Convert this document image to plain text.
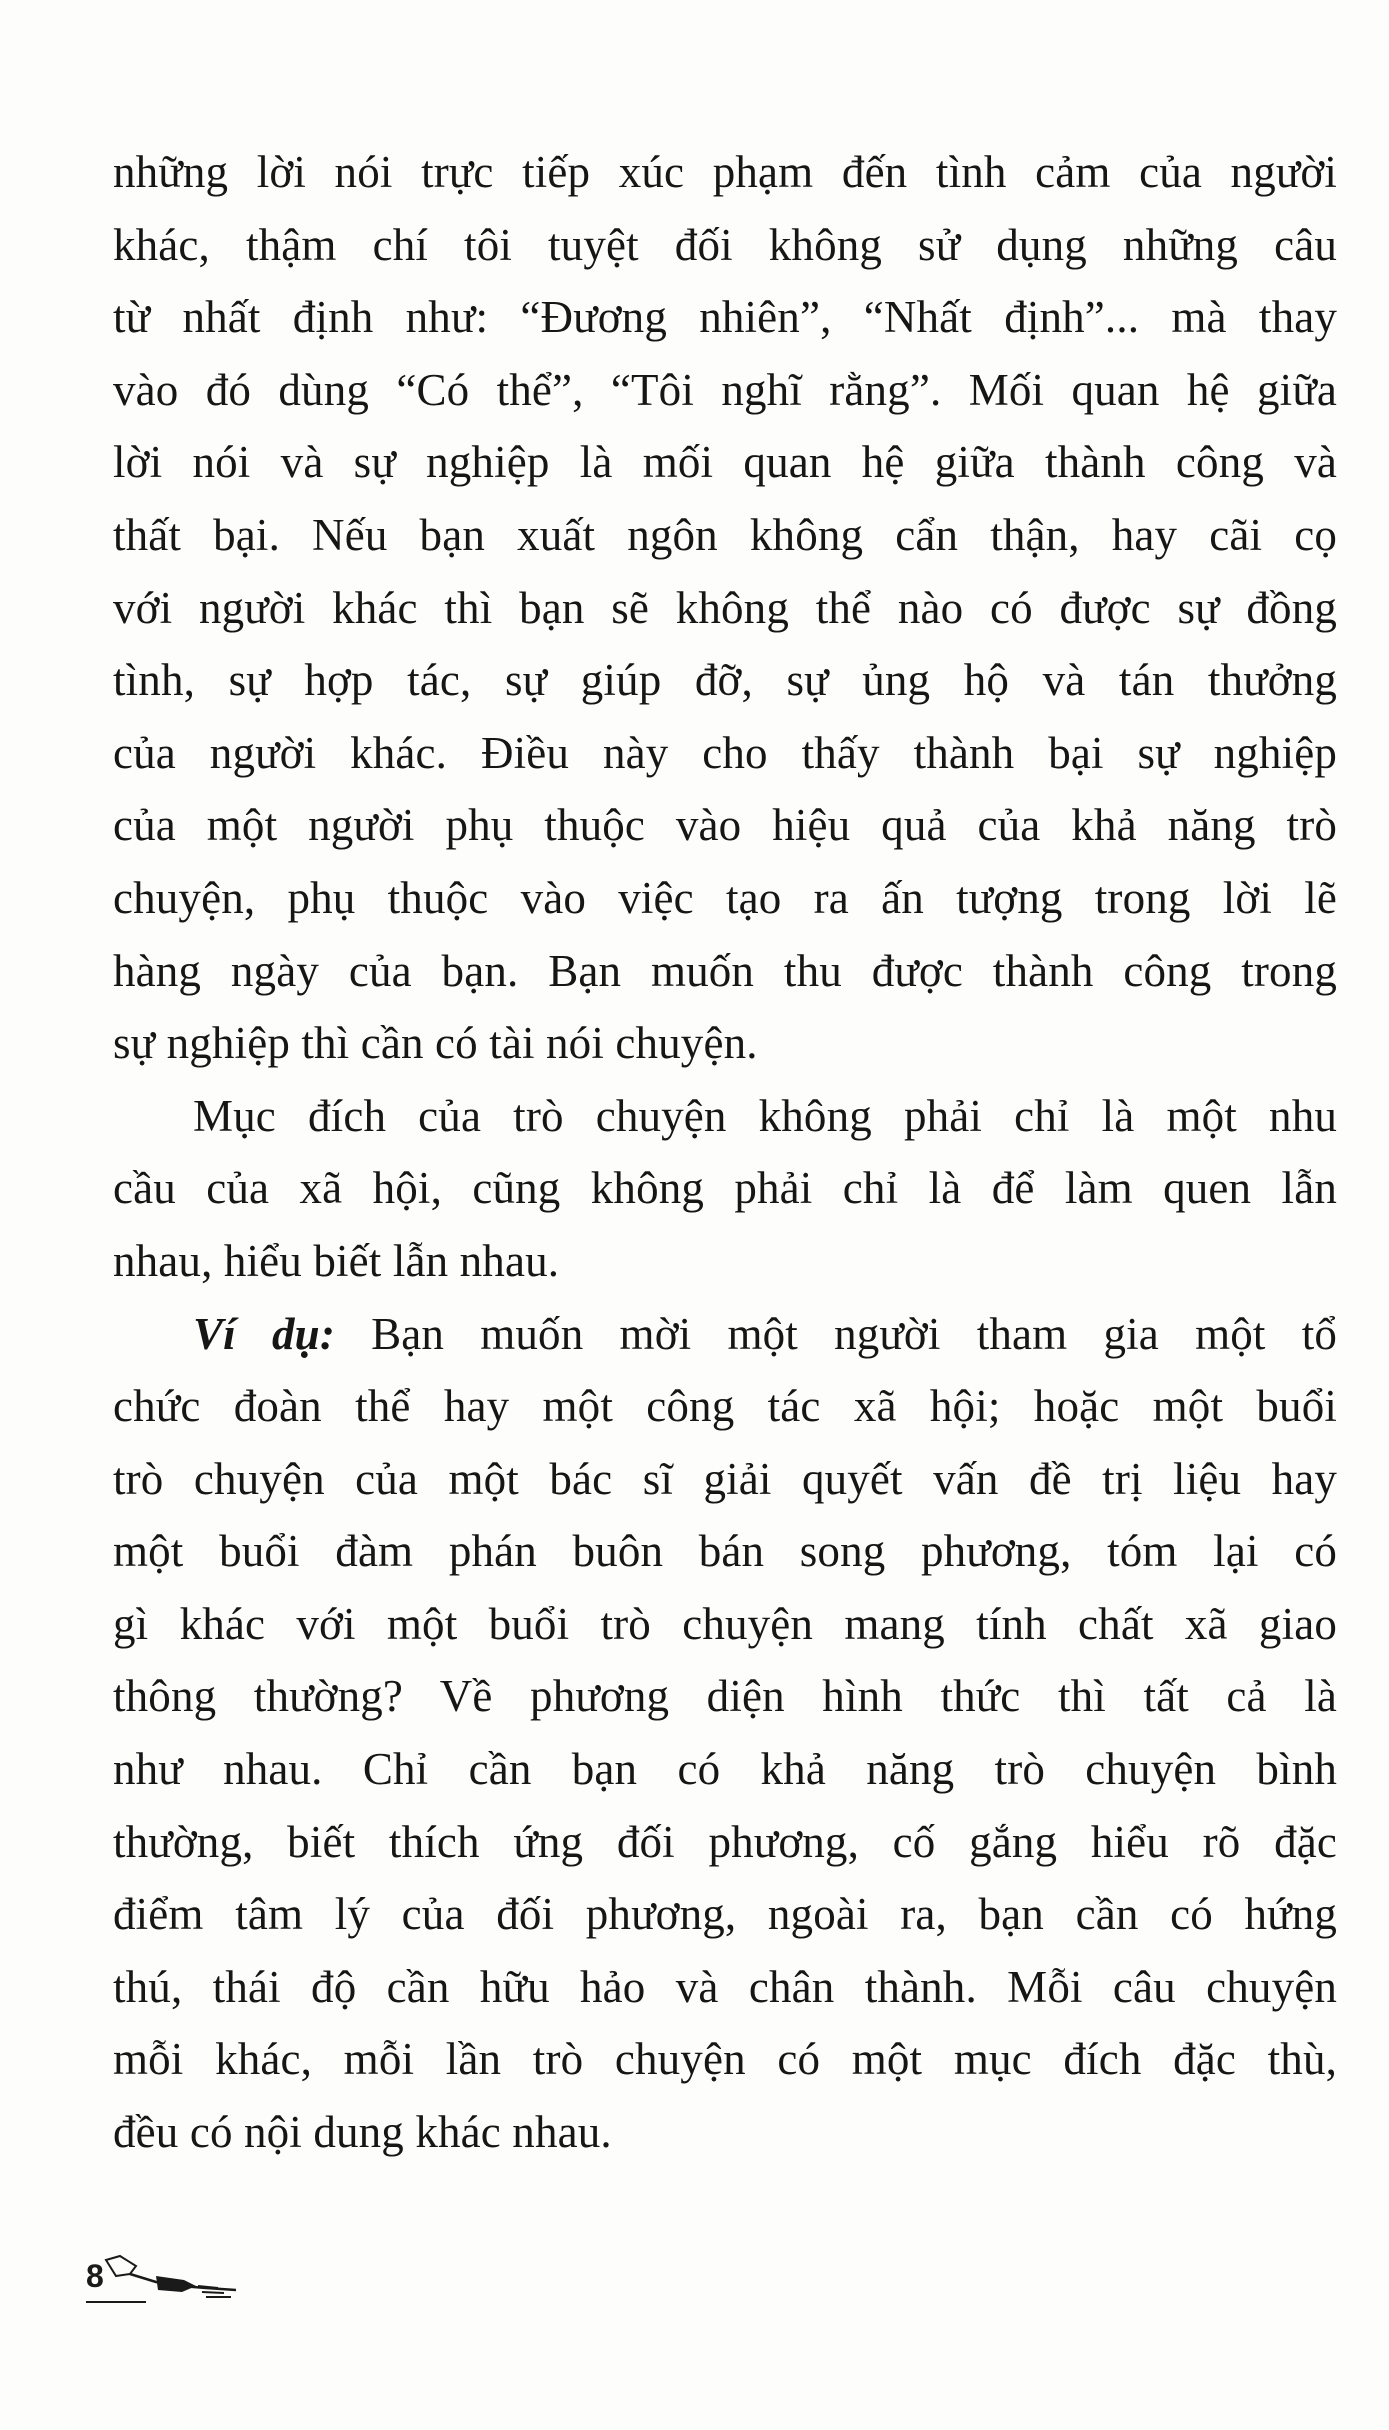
những lời nói trực tiếp xúc phạm đến tình cảm của người
khác, thậm chí tôi tuyệt đối không sử dụng những câu
từ nhất định như: “Đương nhiên”, “Nhất định”... mà thay
vào đó dùng “Có thể”, “Tôi nghĩ rằng”. Mối quan hệ giữa
lời nói và sự nghiệp là mối quan hệ giữa thành công và
thất bại. Nếu bạn xuất ngôn không cẩn thận, hay cãi cọ
với người khác thì bạn sẽ không thể nào có được sự đồng
tình, sự hợp tác, sự giúp đỡ, sự ủng hộ và tán thưởng
của người khác. Điều này cho thấy thành bại sự nghiệp
của một người phụ thuộc vào hiệu quả của khả năng trò
chuyện, phụ thuộc vào việc tạo ra ấn tượng trong lời lẽ
hàng ngày của bạn. Bạn muốn thu được thành công trong
sự nghiệp thì cần có tài nói chuyện.
Mục đích của trò chuyện không phải chỉ là một nhu
cầu của xã hội, cũng không phải chỉ là để làm quen lẫn
nhau, hiểu biết lẫn nhau.
Ví dụ: Bạn muốn mời một người tham gia một tổ
chức đoàn thể hay một công tác xã hội; hoặc một buổi
trò chuyện của một bác sĩ giải quyết vấn đề trị liệu hay
một buổi đàm phán buôn bán song phương, tóm lại có
gì khác với một buổi trò chuyện mang tính chất xã giao
thông thường? Về phương diện hình thức thì tất cả là
như nhau. Chỉ cần bạn có khả năng trò chuyện bình
thường, biết thích ứng đối phương, cố gắng hiểu rõ đặc
điểm tâm lý của đối phương, ngoài ra, bạn cần có hứng
thú, thái độ cần hữu hảo và chân thành. Mỗi câu chuyện
mỗi khác, mỗi lần trò chuyện có một mục đích đặc thù,
đều có nội dung khác nhau.
8
